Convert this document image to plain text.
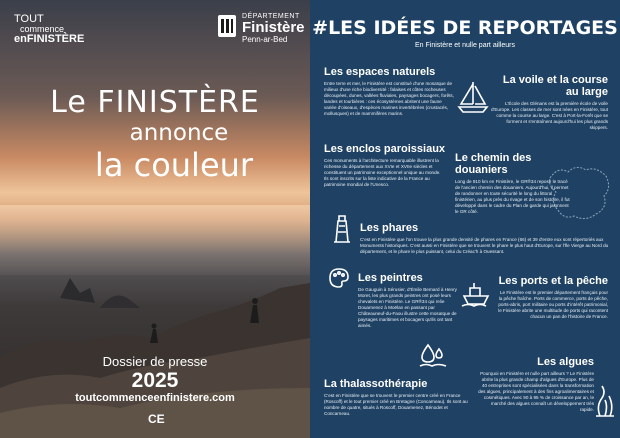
TOUT
commence
enFINISTÈRE
DÉPARTEMENT
Finistère
Penn-ar-Bed
Le FINISTÈRE
annonce
la couleur
Dossier de presse
2025
toutcommenceenfinistere.com
CE
#LES IDÉES DE REPORTAGES
En Finistère et nulle part ailleurs
Les espaces naturels

Entre terre et mer, le Finistère est constitué d'une mosaïque de milieux d'une riche biodiversité : falaises et côtes rocheuses découpées, dunes, vallées fluviales, paysages bocagers, forêts, landes et tourbières : ces écosystèmes abritent une faune variée d'oiseaux, d'espèces marines invertébrées (crustacés, mollusques) et de mammifères marins.

La voile et la course au large

L'École des Glénans est la première école de voile d'Europe. Les classes de mer sont nées en Finistère, tout comme la course au large. C'est à Port-la-Forêt que se forment et s'entraînent aujourd'hui les plus grands skippers.

Les enclos paroissiaux

Ces monuments à l'architecture remarquable illustrent la richesse du département aux XVIe et XVIIe siècles et constituent un patrimoine exceptionnel unique au monde. Ils sont inscrits sur la liste indicative de la France au patrimoine mondial de l'Unesco.

Le chemin des douaniers

Long de 910 km en Finistère, le GR®34 repose le tracé de l'ancien chemin des douaniers. Aujourd'hui, il permet de randonner en toute sécurité le long du littoral finistérien, au plus près du rivage et de son histoire, il fut développé dans le cadre du Plan de garde qui jalonnent le GR côté.

Les phares

C'est en Finistère que l'on trouve la plus grande densité de phares en France (66) et 39 d'entre eux sont répertoriés aux Monuments historiques. C'est aussi en Finistère que se trouvent le phare le plus haut d'Europe, sur l'Île Vierge au Nord du département, et le phare le plus puissant, celui du Créac'h à Ouessant.

Les peintres

De Gauguin à Sérusier, d'Émile Bernard à Henry Moret, les plus grands peintres ont posé leurs chevalets en Finistère. Le GR®34 qui relie Douarnenez à Moëlan en passant par Châteauneuf-du-Faou illustre cette mosaïque de paysages maritimes et bocagers qu'ils ont tant aimés.

Les ports et la pêche

Le Finistère est le premier département français pour la pêche fraîche. Ports de commerce, ports de pêche, ports-abris, port militaire ou ports d'intérêt patrimonial, le Finistère abrite une multitude de ports qui racontent chacun un pan de l'histoire de France.

Les algues

Pourquoi en Finistère et nulle part ailleurs ? Le Finistère abrite la plus grande champ d'algues d'Europe. Plus de 40 entreprises sont spécialisées dans la transformation des algues, principalement à des fins agroalimentaires et cosmétiques. Avec 90 à 95 % de croissance par an, le marché des algues connaît un développement très rapide.

La thalassothérapie

C'est en Finistère que se trouvent le premier centre créé en France (Roscoff) et le tout premier créé en Bretagne (Concarneau). Ils sont au nombre de quatre, situés à Roscoff, Douarnenez, Bénodet et Concarneau.
